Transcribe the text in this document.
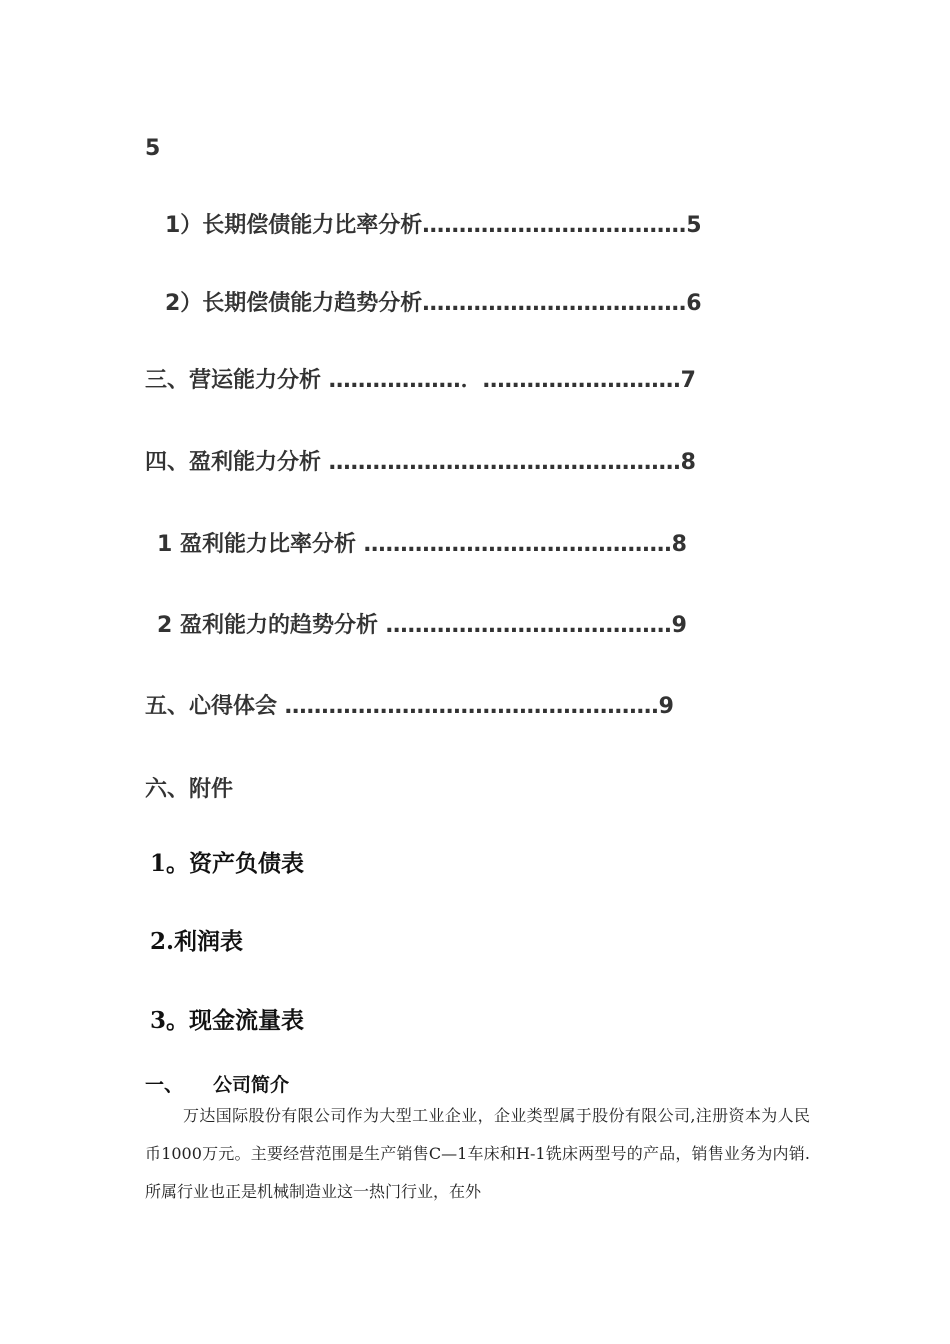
5
1）长期偿债能力比率分析………………………………5
2）长期偿债能力趋势分析………………………………6
三、营运能力分析 ………………．………………………7
四、盈利能力分析 …………………………………………8
1 盈利能力比率分析 ……………………………………8
2 盈利能力的趋势分析 …………………………………9
五、心得体会 ……………………………………………9
六、附件
1。资产负债表
2.利润表
3。现金流量表
一、 公司简介

万达国际股份有限公司作为大型工业企业，企业类型属于股份有限公司,注册资本为人民币1000万元。主要经营范围是生产销售C—1车床和H-1铣床两型号的产品，销售业务为内销.所属行业也正是机械制造业这一热门行业，在外
